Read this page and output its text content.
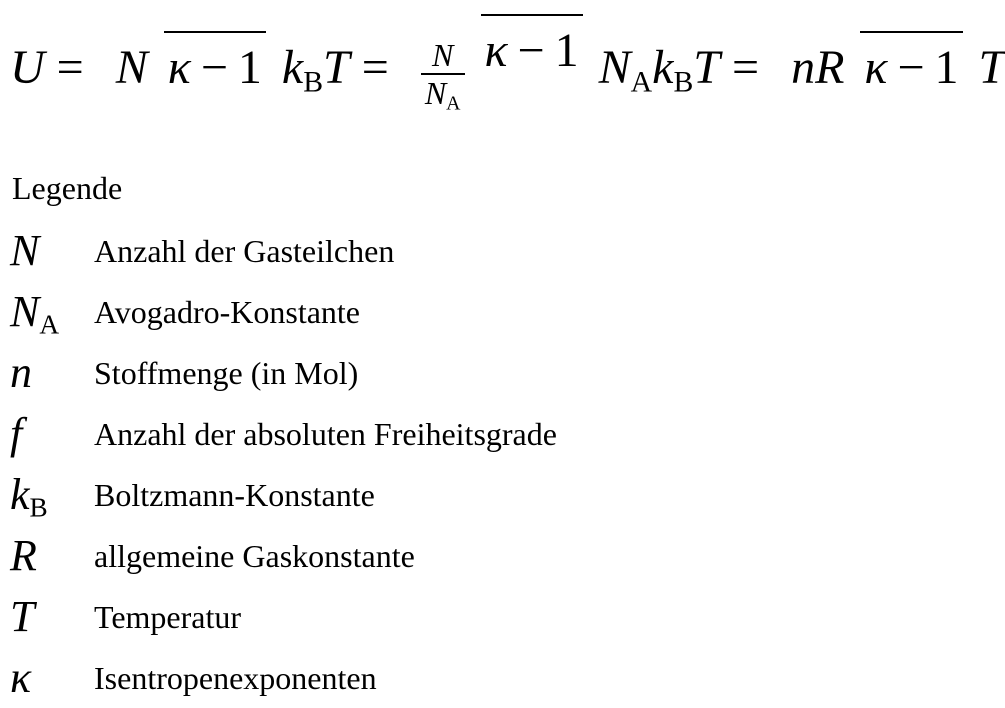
U = N κ − 1 $k_BT = \frac{N}{N_A}$ κ − 1 $N_Ak_BT$ = nR κ − 1 T
Legende
N	Anzahl der Gasteilchen
$N_A$	Avogadro-Konstante
n	Stoffmenge (in Mol)
f	Anzahl der absoluten Freiheitsgrade
$k_B$	Boltzmann-Konstante
R	allgemeine Gaskonstante
T	Temperatur
κ	Isentropenexponenten
